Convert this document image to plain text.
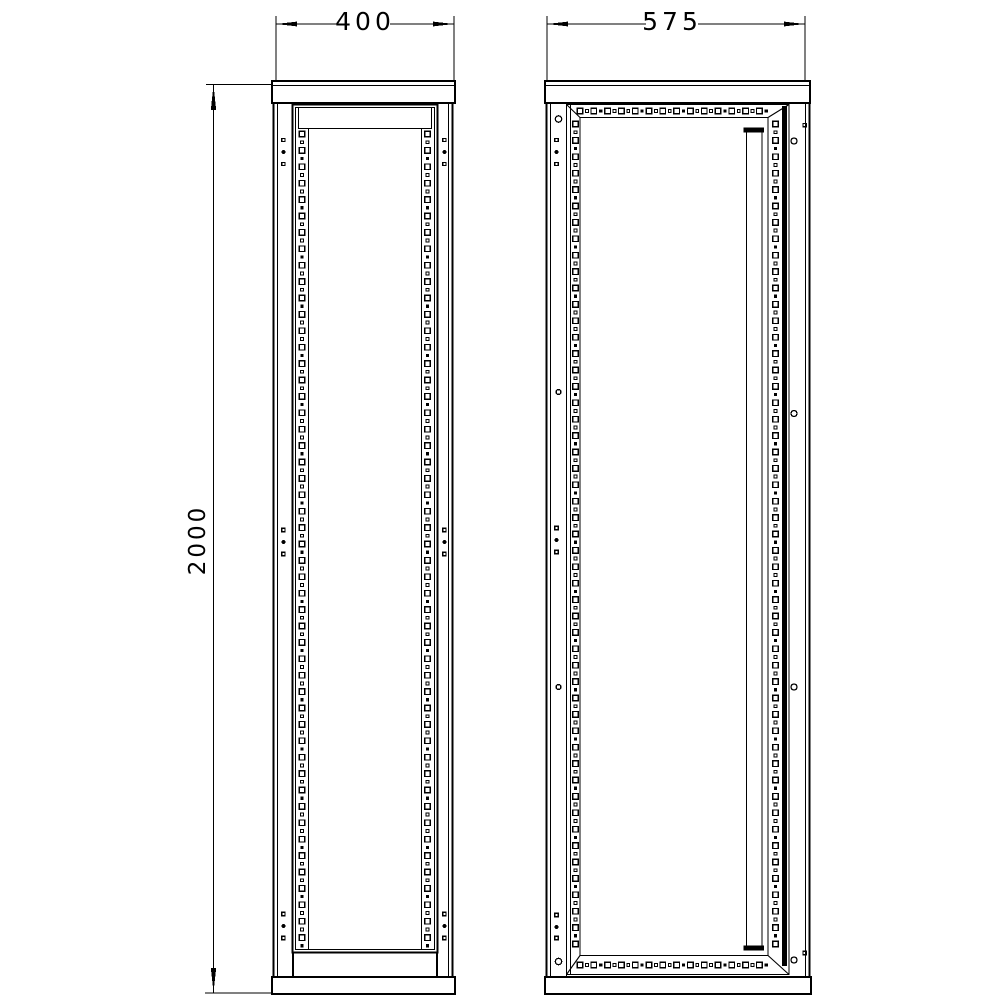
400	575
2000
